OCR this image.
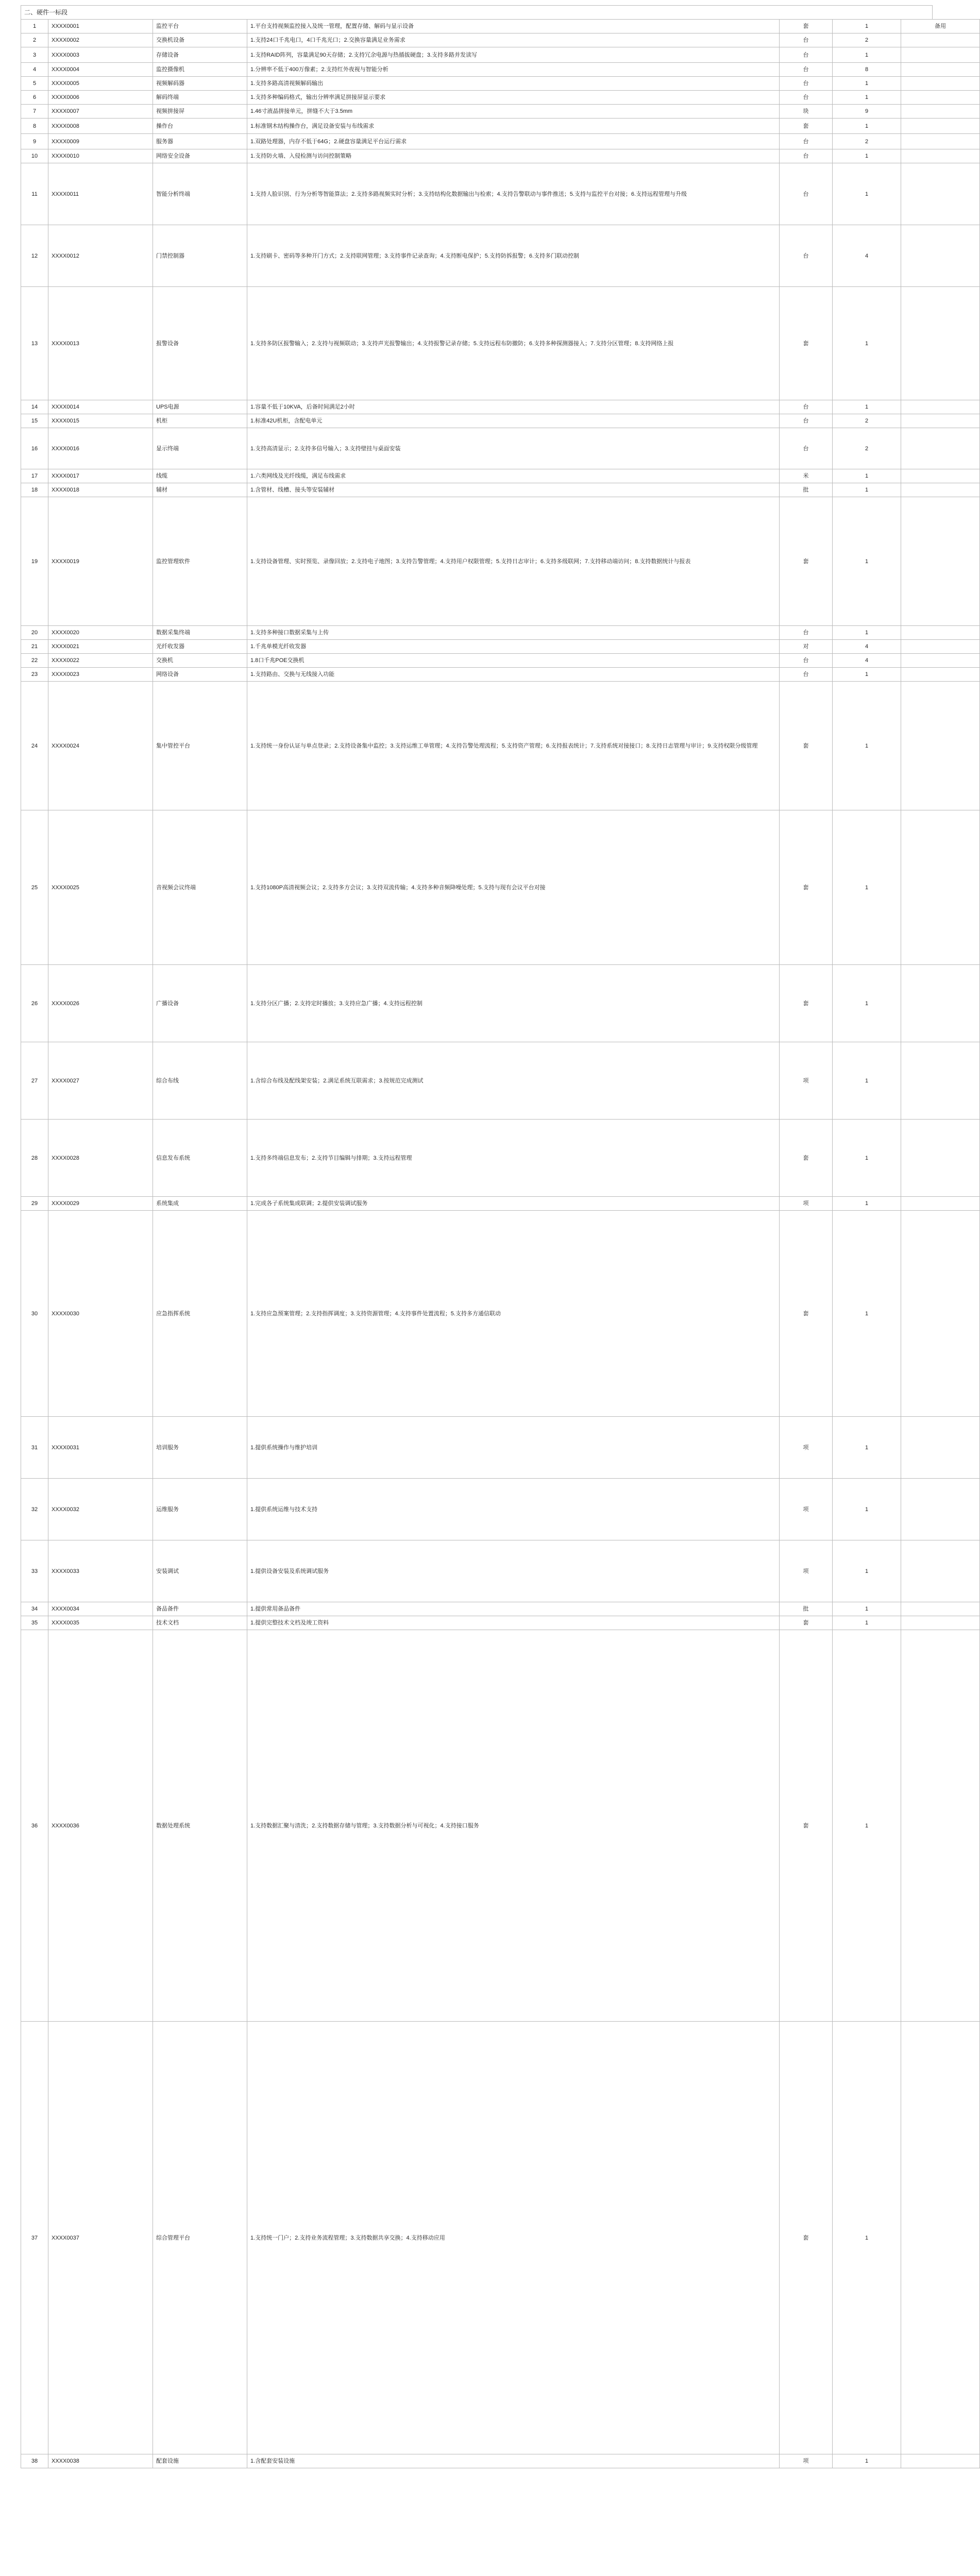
二、硬件一标段
1	XXXX0001	监控平台	1.平台支持视频监控接入及统一管理，配置存储、解码与显示设备	套	1	备用
2	XXXX0002	交换机设备	1.支持24口千兆电口，4口千兆光口；2.交换容量满足业务需求	台	2	
3	XXXX0003	存储设备	1.支持RAID阵列，容量满足90天存储；2.支持冗余电源与热插拔硬盘；3.支持多路并发读写	台	1	
4	XXXX0004	监控摄像机	1.分辨率不低于400万像素；2.支持红外夜视与智能分析	台	8	
5	XXXX0005	视频解码器	1.支持多路高清视频解码输出	台	1	
6	XXXX0006	解码终端	1.支持多种编码格式，输出分辨率满足拼接屏显示要求	台	1	
7	XXXX0007	视频拼接屏	1.46寸液晶拼接单元，拼缝不大于3.5mm	块	9	
8	XXXX0008	操作台	1.标准钢木结构操作台，满足设备安装与布线需求	套	1	
9	XXXX0009	服务器	1.双路处理器，内存不低于64G；2.硬盘容量满足平台运行需求	台	2	
10	XXXX0010	网络安全设备	1.支持防火墙、入侵检测与访问控制策略	台	1	
11	XXXX0011	智能分析终端	1.支持人脸识别、行为分析等智能算法；2.支持多路视频实时分析；3.支持结构化数据输出与检索；4.支持告警联动与事件推送；5.支持与监控平台对接；6.支持远程管理与升级	台	1	
12	XXXX0012	门禁控制器	1.支持刷卡、密码等多种开门方式；2.支持联网管理；3.支持事件记录查询；4.支持断电保护；5.支持防拆报警；6.支持多门联动控制	台	4	
13	XXXX0013	报警设备	1.支持多防区报警输入；2.支持与视频联动；3.支持声光报警输出；4.支持报警记录存储；5.支持远程布防撤防；6.支持多种探测器接入；7.支持分区管理；8.支持网络上报	套	1	
14	XXXX0014	UPS电源	1.容量不低于10KVA，后备时间满足2小时	台	1	
15	XXXX0015	机柜	1.标准42U机柜，含配电单元	台	2	
16	XXXX0016	显示终端	1.支持高清显示；2.支持多信号输入；3.支持壁挂与桌面安装	台	2	
17	XXXX0017	线缆	1.六类网线及光纤线缆，满足布线需求	米	1	
18	XXXX0018	辅材	1.含管材、线槽、接头等安装辅材	批	1	
19	XXXX0019	监控管理软件	1.支持设备管理、实时预览、录像回放；2.支持电子地图；3.支持告警管理；4.支持用户权限管理；5.支持日志审计；6.支持多级联网；7.支持移动端访问；8.支持数据统计与报表	套	1	
20	XXXX0020	数据采集终端	1.支持多种接口数据采集与上传	台	1	
21	XXXX0021	光纤收发器	1.千兆单模光纤收发器	对	4	
22	XXXX0022	交换机	1.8口千兆POE交换机	台	4	
23	XXXX0023	网络设备	1.支持路由、交换与无线接入功能	台	1	
24	XXXX0024	集中管控平台	1.支持统一身份认证与单点登录；2.支持设备集中监控；3.支持运维工单管理；4.支持告警处理流程；5.支持资产管理；6.支持报表统计；7.支持系统对接接口；8.支持日志管理与审计；9.支持权限分级管理	套	1	
25	XXXX0025	音视频会议终端	1.支持1080P高清视频会议；2.支持多方会议；3.支持双流传输；4.支持多种音频降噪处理；5.支持与现有会议平台对接	套	1	
26	XXXX0026	广播设备	1.支持分区广播；2.支持定时播放；3.支持应急广播；4.支持远程控制	套	1	
27	XXXX0027	综合布线	1.含综合布线及配线架安装；2.满足系统互联需求；3.按规范完成测试	项	1	
28	XXXX0028	信息发布系统	1.支持多终端信息发布；2.支持节目编辑与排期；3.支持远程管理	套	1	
29	XXXX0029	系统集成	1.完成各子系统集成联调；2.提供安装调试服务	项	1	
30	XXXX0030	应急指挥系统	1.支持应急预案管理；2.支持指挥调度；3.支持资源管理；4.支持事件处置流程；5.支持多方通信联动	套	1	
31	XXXX0031	培训服务	1.提供系统操作与维护培训	项	1	
32	XXXX0032	运维服务	1.提供系统运维与技术支持	项	1	
33	XXXX0033	安装调试	1.提供设备安装及系统调试服务	项	1	
34	XXXX0034	备品备件	1.提供常用备品备件	批	1	
35	XXXX0035	技术文档	1.提供完整技术文档及竣工资料	套	1	
36	XXXX0036	数据处理系统	1.支持数据汇聚与清洗；2.支持数据存储与管理；3.支持数据分析与可视化；4.支持接口服务	套	1	
37	XXXX0037	综合管理平台	1.支持统一门户；2.支持业务流程管理；3.支持数据共享交换；4.支持移动应用	套	1	
38	XXXX0038	配套设施	1.含配套安装设施	项	1	
